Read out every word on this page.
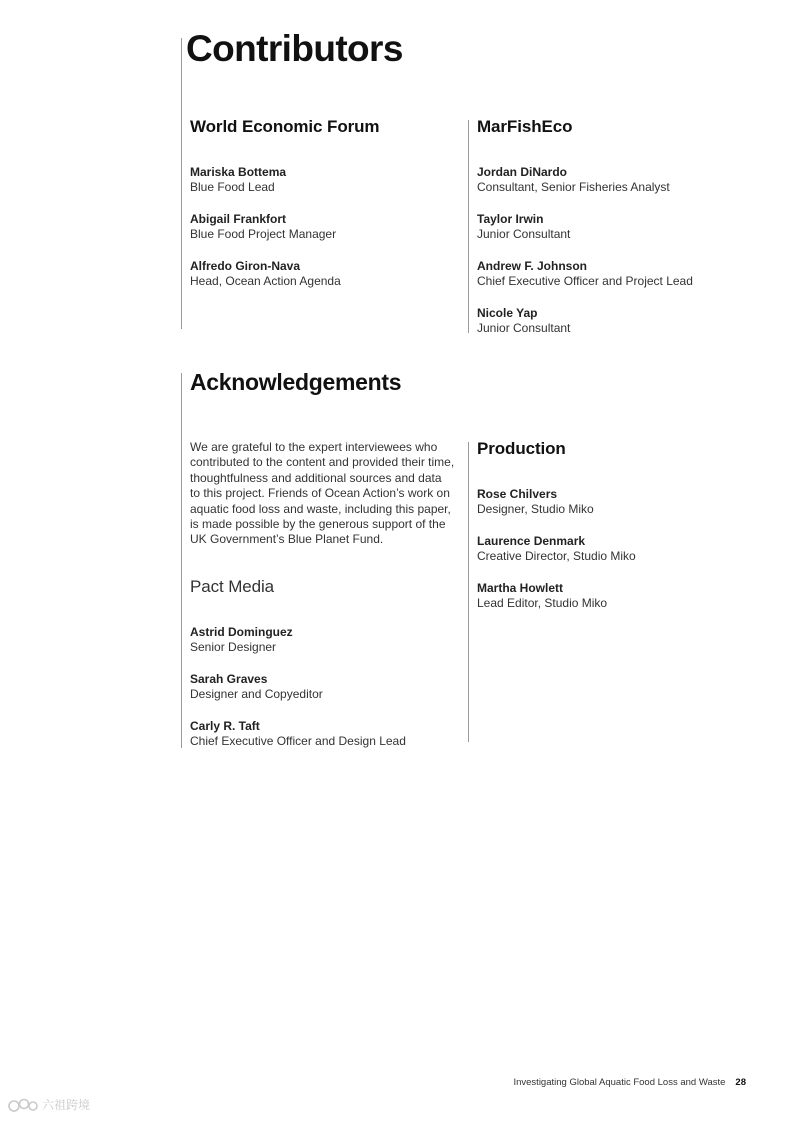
Contributors
World Economic Forum
Mariska Bottema
Blue Food Lead
Abigail Frankfort
Blue Food Project Manager
Alfredo Giron-Nava
Head, Ocean Action Agenda
MarFishEco
Jordan DiNardo
Consultant, Senior Fisheries Analyst
Taylor Irwin
Junior Consultant
Andrew F. Johnson
Chief Executive Officer and Project Lead
Nicole Yap
Junior Consultant
Acknowledgements

We are grateful to the expert interviewees who
contributed to the content and provided their time,
thoughtfulness and additional sources and data
to this project. Friends of Ocean Action’s work on
aquatic food loss and waste, including this paper,
is made possible by the generous support of the
UK Government’s Blue Planet Fund.

Pact Media
Astrid Dominguez
Senior Designer
Sarah Graves
Designer and Copyeditor
Carly R. Taft
Chief Executive Officer and Design Lead
Production
Rose Chilvers
Designer, Studio Miko
Laurence Denmark
Creative Director, Studio Miko
Martha Howlett
Lead Editor, Studio Miko
Investigating Global Aquatic Food Loss and Waste 28
六祖跨境
